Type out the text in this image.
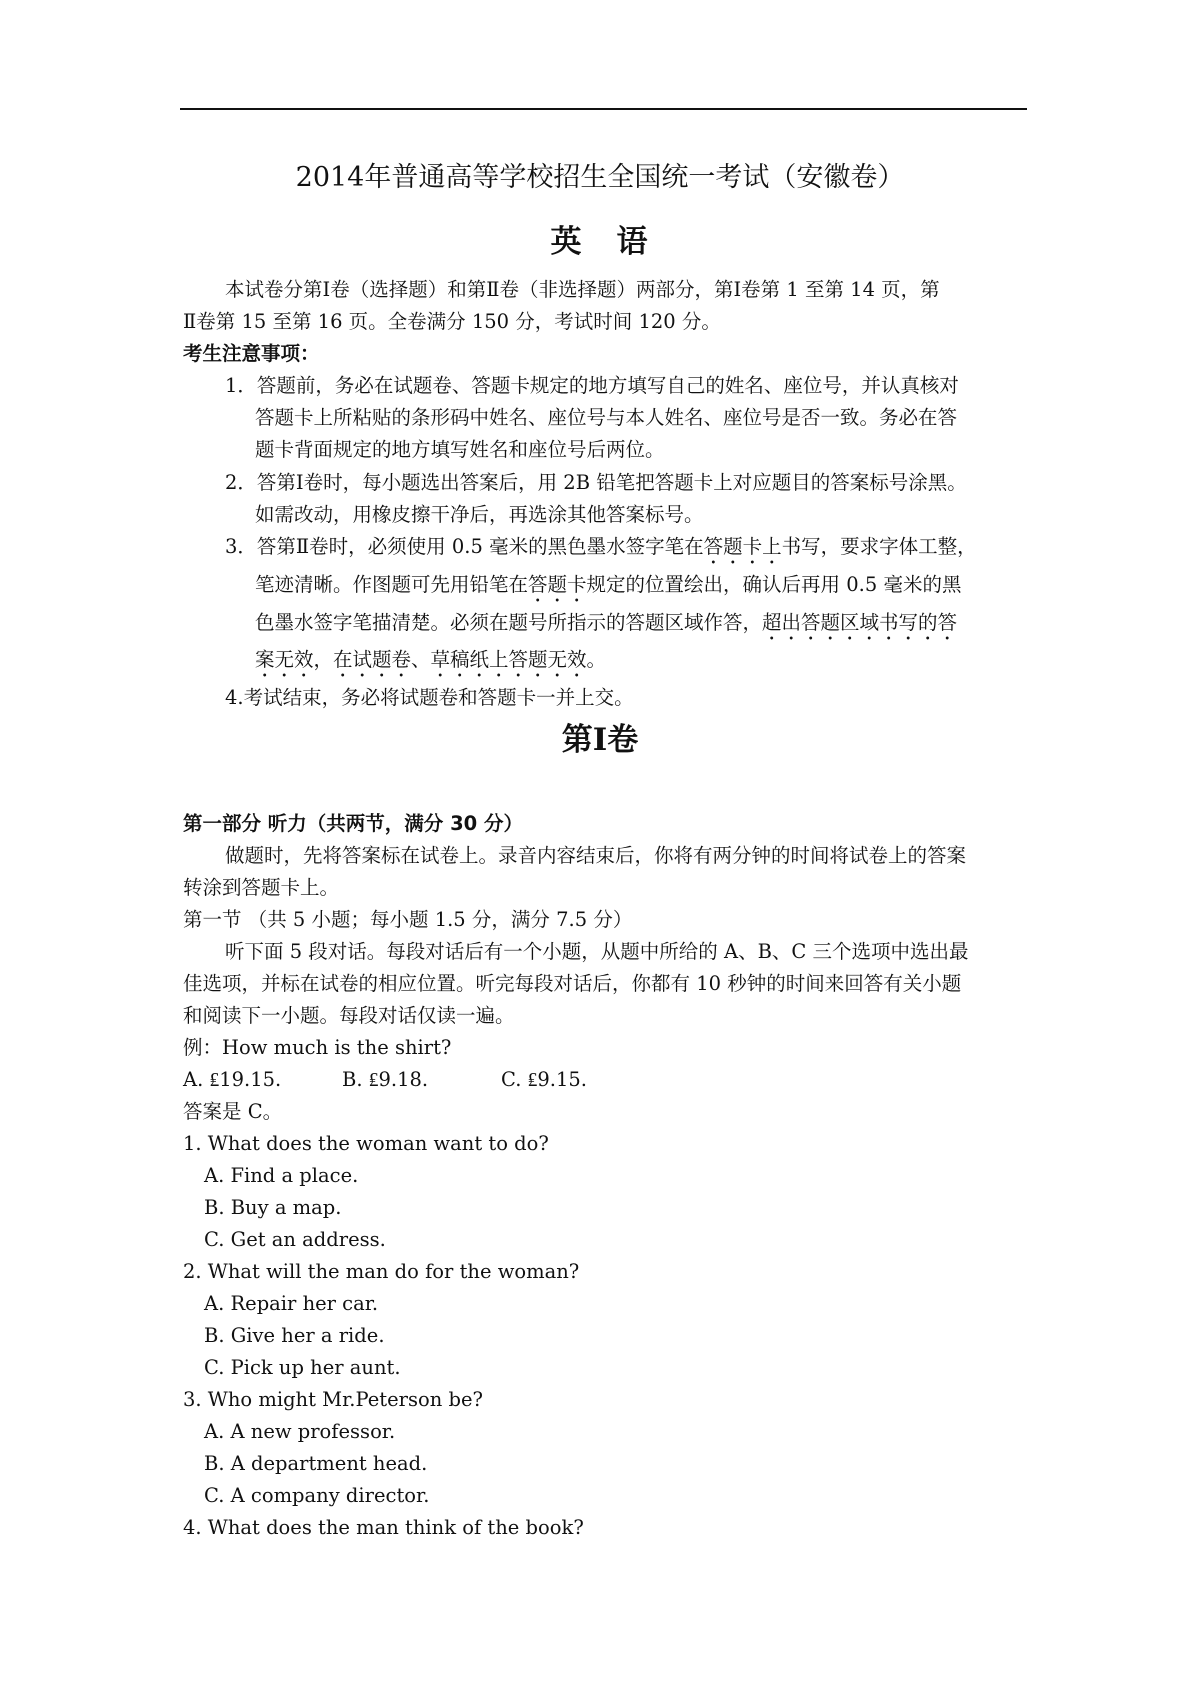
2014年普通高等学校招生全国统一考试（安徽卷）
英　语
本试卷分第Ⅰ卷（选择题）和第Ⅱ卷（非选择题）两部分，第Ⅰ卷第 1 至第 14 页，第
Ⅱ卷第 15 至第 16 页。全卷满分 150 分，考试时间 120 分。
考生注意事项：
1．答题前，务必在试题卷、答题卡规定的地方填写自己的姓名、座位号，并认真核对
答题卡上所粘贴的条形码中姓名、座位号与本人姓名、座位号是否一致。务必在答
题卡背面规定的地方填写姓名和座位号后两位。
2．答第Ⅰ卷时，每小题选出答案后，用 2B 铅笔把答题卡上对应题目的答案标号涂黑。
如需改动，用橡皮擦干净后，再选涂其他答案标号。
3．答第Ⅱ卷时，必须使用 0.5 毫米的黑色墨水签字笔在答题卡上书写，要求字体工整，
笔迹清晰。作图题可先用铅笔在答题卡规定的位置绘出，确认后再用 0.5 毫米的黑
色墨水签字笔描清楚。必须在题号所指示的答题区域作答，超出答题区域书写的答
案无效，在试题卷、草稿纸上答题无效。
4.考试结束，务必将试题卷和答题卡一并上交。
第Ⅰ卷
第一部分 听力（共两节，满分 30 分）
做题时，先将答案标在试卷上。录音内容结束后，你将有两分钟的时间将试卷上的答案
转涂到答题卡上。
第一节 （共 5 小题；每小题 1.5 分，满分 7.5 分）
听下面 5 段对话。每段对话后有一个小题，从题中所给的 A、B、C 三个选项中选出最
佳选项，并标在试卷的相应位置。听完每段对话后，你都有 10 秒钟的时间来回答有关小题
和阅读下一小题。每段对话仅读一遍。
例：How much is the shirt?
A. ₤19.15.	B. ₤9.18.	C. ₤9.15.
答案是 C。
1. What does the woman want to do?
A. Find a place.
B. Buy a map.
C. Get an address.
2. What will the man do for the woman?
A. Repair her car.
B. Give her a ride.
C. Pick up her aunt.
3. Who might Mr.Peterson be?
A. A new professor.
B. A department head.
C. A company director.
4. What does the man think of the book?
